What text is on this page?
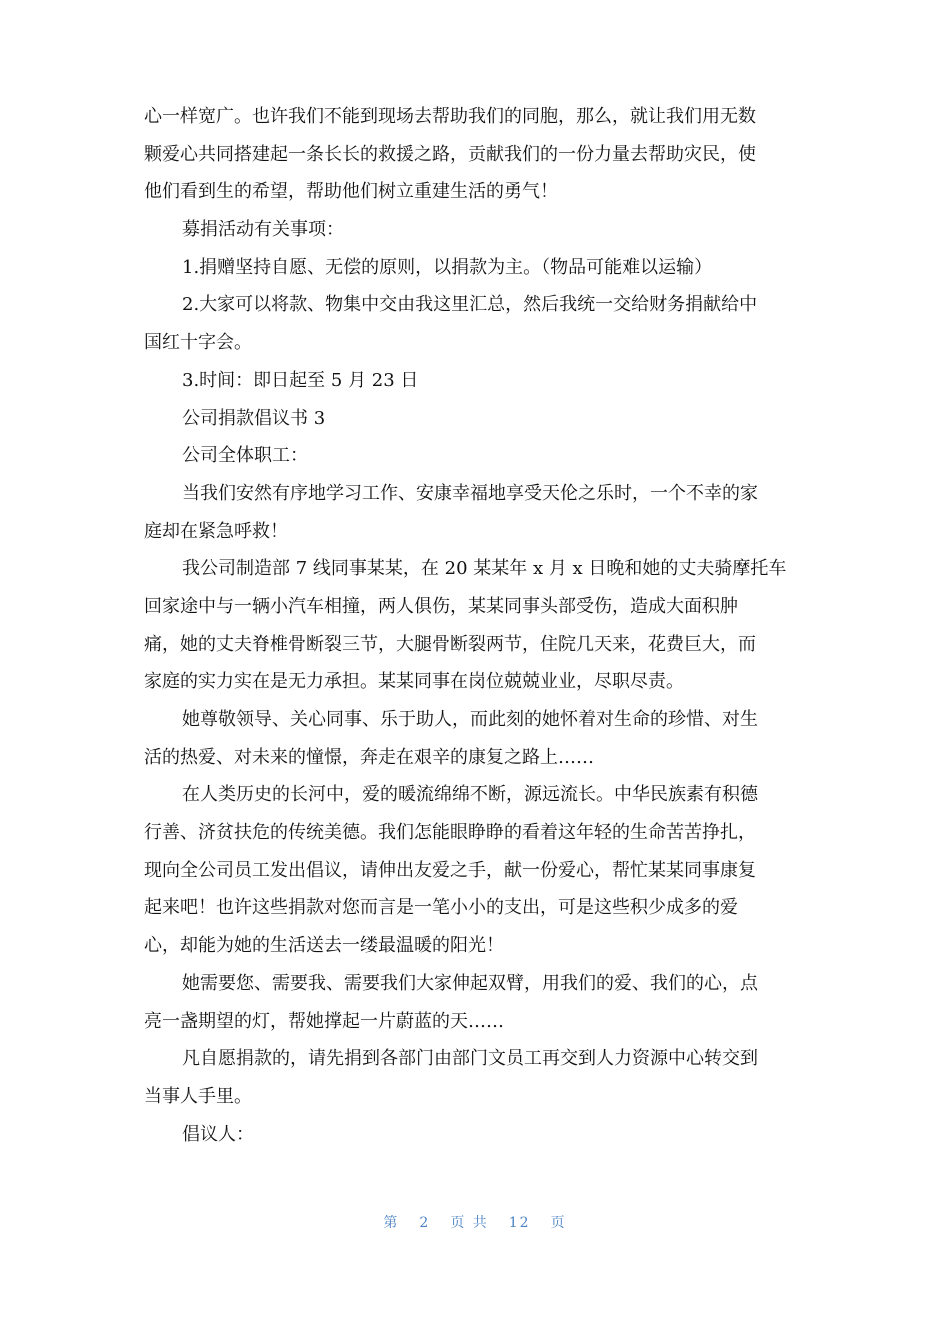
心一样宽广。也许我们不能到现场去帮助我们的同胞，那么，就让我们用无数
颗爱心共同搭建起一条长长的救援之路，贡献我们的一份力量去帮助灾民，使
他们看到生的希望，帮助他们树立重建生活的勇气！
募捐活动有关事项：
1.捐赠坚持自愿、无偿的原则，以捐款为主。（物品可能难以运输）
2.大家可以将款、物集中交由我这里汇总，然后我统一交给财务捐献给中
国红十字会。
3.时间：即日起至 5 月 23 日
公司捐款倡议书 3
公司全体职工：
当我们安然有序地学习工作、安康幸福地享受天伦之乐时，一个不幸的家
庭却在紧急呼救！
我公司制造部 7 线同事某某，在 20 某某年 x 月 x 日晚和她的丈夫骑摩托车
回家途中与一辆小汽车相撞，两人俱伤，某某同事头部受伤，造成大面积肿
痛，她的丈夫脊椎骨断裂三节，大腿骨断裂两节，住院几天来，花费巨大，而
家庭的实力实在是无力承担。某某同事在岗位兢兢业业，尽职尽责。
她尊敬领导、关心同事、乐于助人，而此刻的她怀着对生命的珍惜、对生
活的热爱、对未来的憧憬，奔走在艰辛的康复之路上……
在人类历史的长河中，爱的暖流绵绵不断，源远流长。中华民族素有积德
行善、济贫扶危的传统美德。我们怎能眼睁睁的看着这年轻的生命苦苦挣扎，
现向全公司员工发出倡议，请伸出友爱之手，献一份爱心，帮忙某某同事康复
起来吧！也许这些捐款对您而言是一笔小小的支出，可是这些积少成多的爱
心，却能为她的生活送去一缕最温暖的阳光！
她需要您、需要我、需要我们大家伸起双臂，用我们的爱、我们的心，点
亮一盏期望的灯，帮她撑起一片蔚蓝的天……
凡自愿捐款的，请先捐到各部门由部门文员工再交到人力资源中心转交到
当事人手里。
倡议人：
第 2 页 共 12 页
